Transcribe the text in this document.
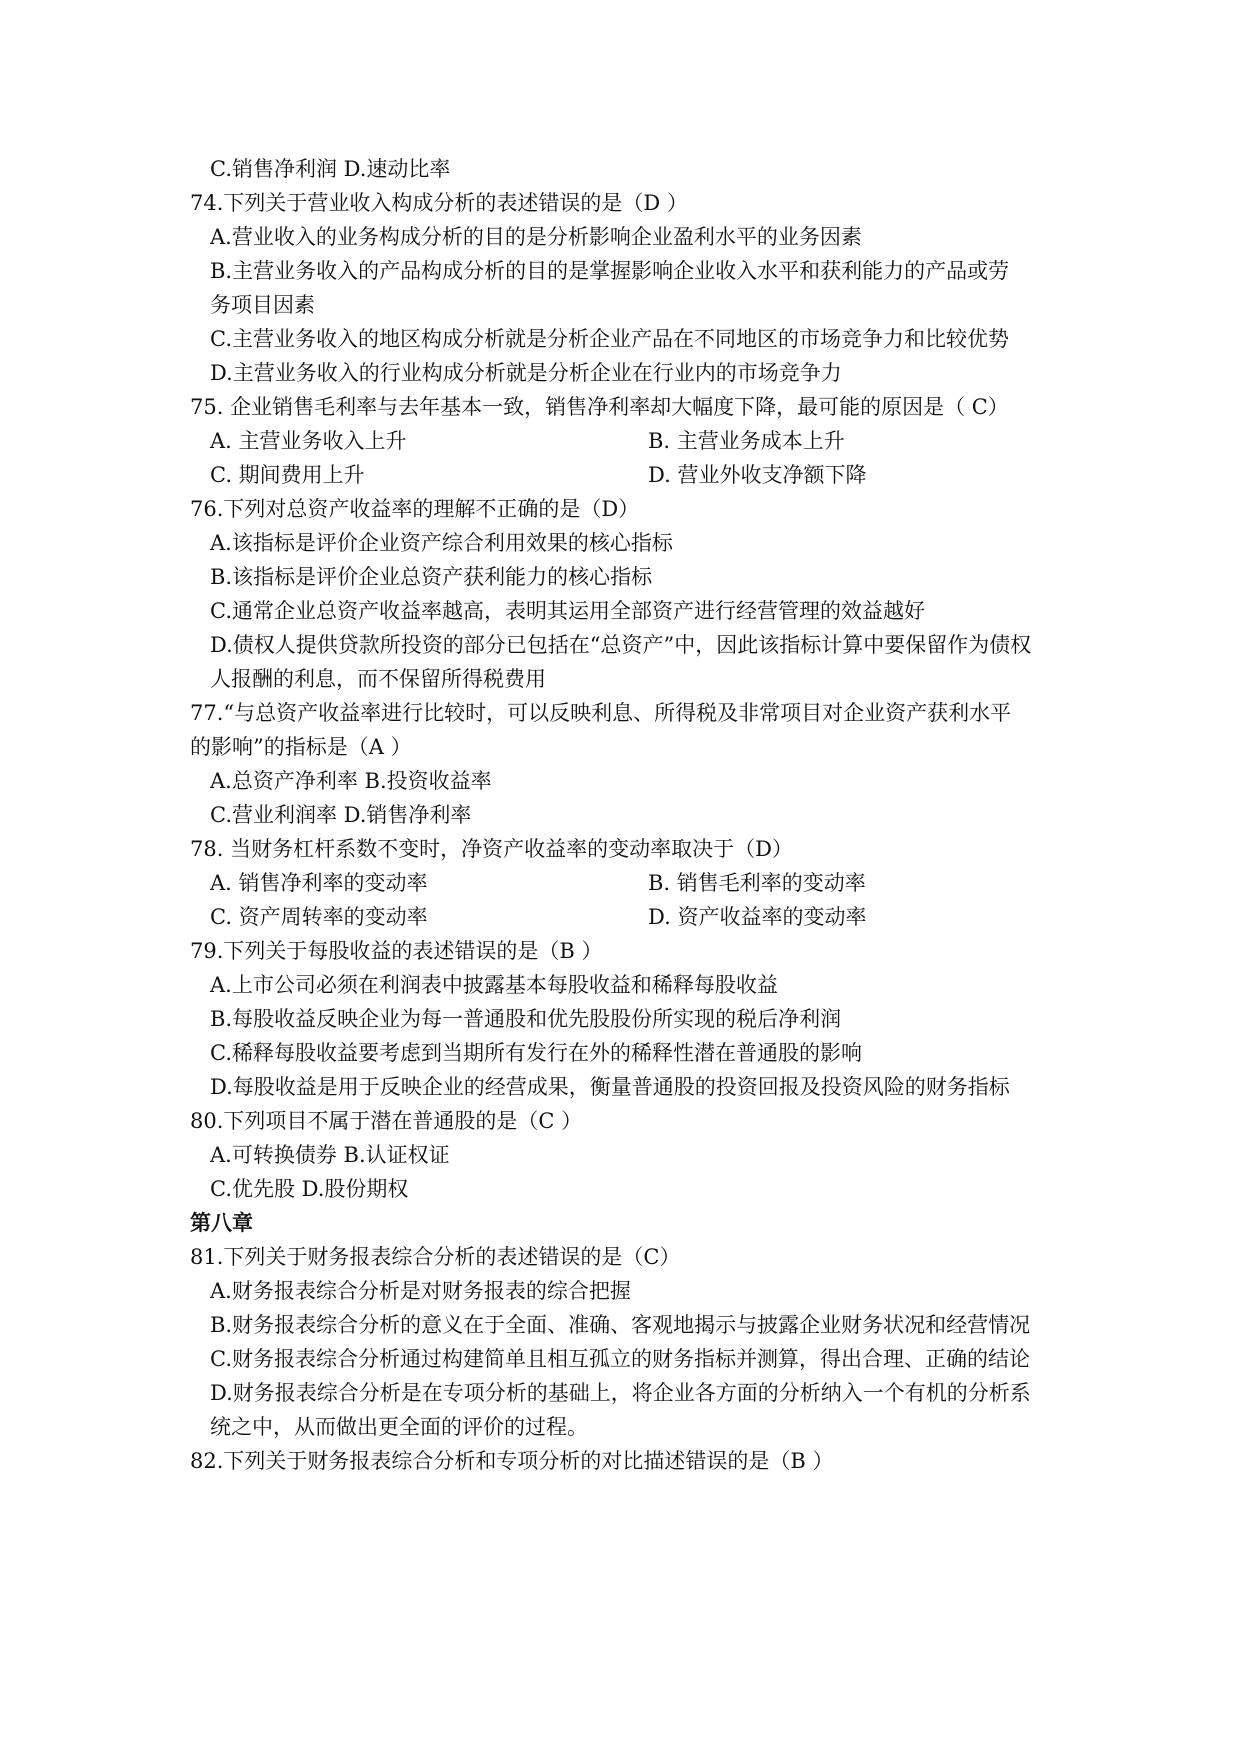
C.销售净利润 D.速动比率
74.下列关于营业收入构成分析的表述错误的是（D ）
A.营业收入的业务构成分析的目的是分析影响企业盈利水平的业务因素
B.主营业务收入的产品构成分析的目的是掌握影响企业收入水平和获利能力的产品或劳
务项目因素
C.主营业务收入的地区构成分析就是分析企业产品在不同地区的市场竞争力和比较优势
D.主营业务收入的行业构成分析就是分析企业在行业内的市场竞争力
75. 企业销售毛利率与去年基本一致，销售净利率却大幅度下降，最可能的原因是（ C）
A. 主营业务收入上升	B. 主营业务成本上升
C. 期间费用上升	D. 营业外收支净额下降
76.下列对总资产收益率的理解不正确的是（D）
A.该指标是评价企业资产综合利用效果的核心指标
B.该指标是评价企业总资产获利能力的核心指标
C.通常企业总资产收益率越高，表明其运用全部资产进行经营管理的效益越好
D.债权人提供贷款所投资的部分已包括在“总资产”中，因此该指标计算中要保留作为债权
人报酬的利息，而不保留所得税费用
77.“与总资产收益率进行比较时，可以反映利息、所得税及非常项目对企业资产获利水平
的影响”的指标是（A ）
A.总资产净利率 B.投资收益率
C.营业利润率 D.销售净利率
78. 当财务杠杆系数不变时，净资产收益率的变动率取决于（D）
A. 销售净利率的变动率	B. 销售毛利率的变动率
C. 资产周转率的变动率	D. 资产收益率的变动率
79.下列关于每股收益的表述错误的是（B ）
A.上市公司必须在利润表中披露基本每股收益和稀释每股收益
B.每股收益反映企业为每一普通股和优先股股份所实现的税后净利润
C.稀释每股收益要考虑到当期所有发行在外的稀释性潜在普通股的影响
D.每股收益是用于反映企业的经营成果，衡量普通股的投资回报及投资风险的财务指标
80.下列项目不属于潜在普通股的是（C ）
A.可转换债券 B.认证权证
C.优先股 D.股份期权
第八章
81.下列关于财务报表综合分析的表述错误的是（C）
A.财务报表综合分析是对财务报表的综合把握
B.财务报表综合分析的意义在于全面、准确、客观地揭示与披露企业财务状况和经营情况
C.财务报表综合分析通过构建简单且相互孤立的财务指标并测算，得出合理、正确的结论
D.财务报表综合分析是在专项分析的基础上，将企业各方面的分析纳入一个有机的分析系
统之中，从而做出更全面的评价的过程。
82.下列关于财务报表综合分析和专项分析的对比描述错误的是（B ）
